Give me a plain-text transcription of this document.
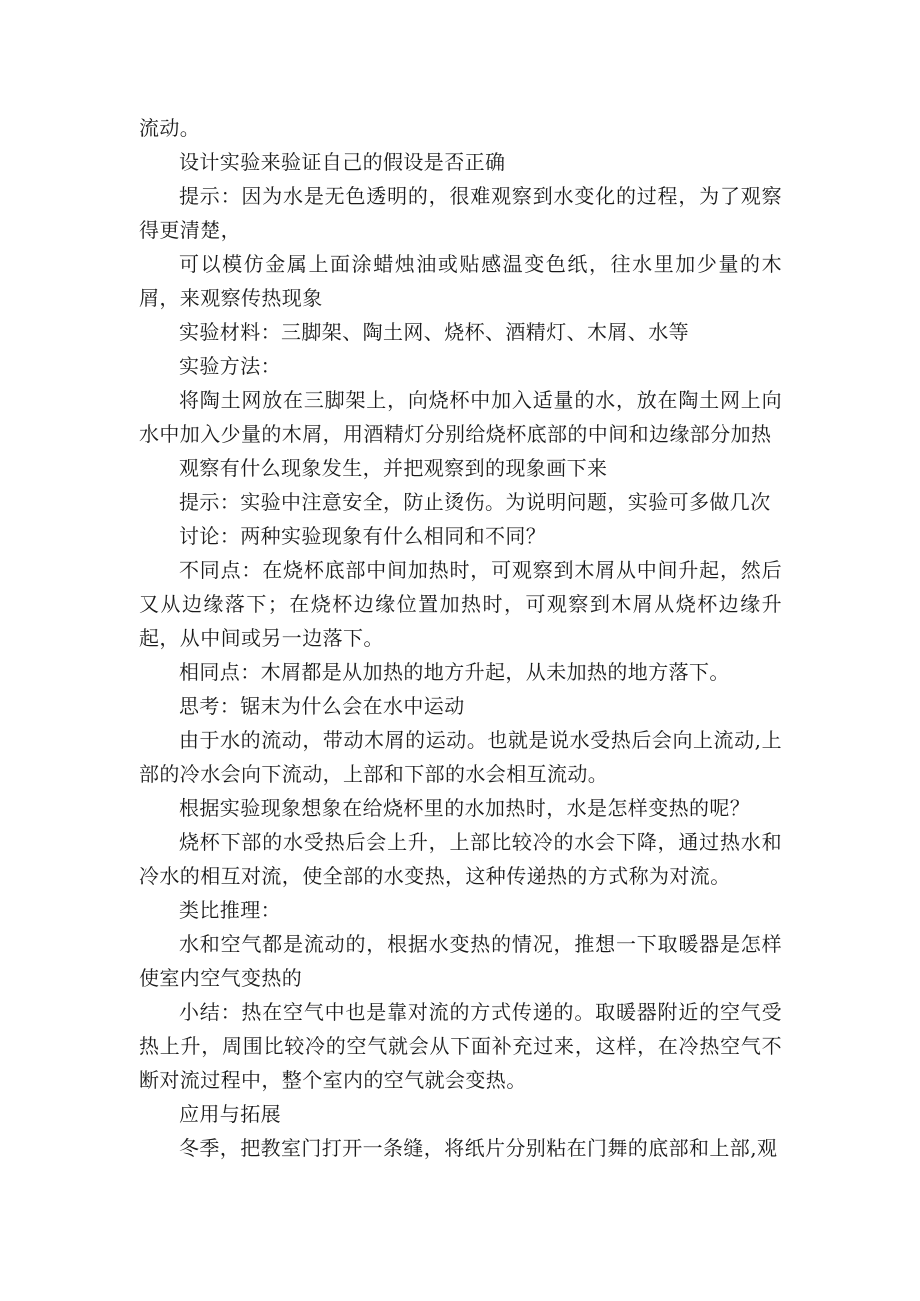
流动。

设计实验来验证自己的假设是否正确

提示：因为水是无色透明的，很难观察到水变化的过程，为了观察得更清楚，

可以模仿金属上面涂蜡烛油或贴感温变色纸，往水里加少量的木屑，来观察传热现象

实验材料：三脚架、陶土网、烧杯、酒精灯、木屑、水等

实验方法：

将陶土网放在三脚架上，向烧杯中加入适量的水，放在陶土网上向水中加入少量的木屑，用酒精灯分别给烧杯底部的中间和边缘部分加热

观察有什么现象发生，并把观察到的现象画下来

提示：实验中注意安全，防止烫伤。为说明问题，实验可多做几次

讨论：两种实验现象有什么相同和不同？

不同点：在烧杯底部中间加热时，可观察到木屑从中间升起，然后又从边缘落下；在烧杯边缘位置加热时，可观察到木屑从烧杯边缘升起，从中间或另一边落下。

相同点：木屑都是从加热的地方升起，从未加热的地方落下。

思考：锯末为什么会在水中运动

由于水的流动，带动木屑的运动。也就是说水受热后会向上流动,上部的冷水会向下流动，上部和下部的水会相互流动。

根据实验现象想象在给烧杯里的水加热时，水是怎样变热的呢？

烧杯下部的水受热后会上升，上部比较冷的水会下降，通过热水和冷水的相互对流，使全部的水变热，这种传递热的方式称为对流。

类比推理：

水和空气都是流动的，根据水变热的情况，推想一下取暖器是怎样使室内空气变热的

小结：热在空气中也是靠对流的方式传递的。取暖器附近的空气受热上升，周围比较冷的空气就会从下面补充过来，这样，在冷热空气不断对流过程中，整个室内的空气就会变热。

应用与拓展

冬季，把教室门打开一条缝，将纸片分别粘在门舞的底部和上部,观
